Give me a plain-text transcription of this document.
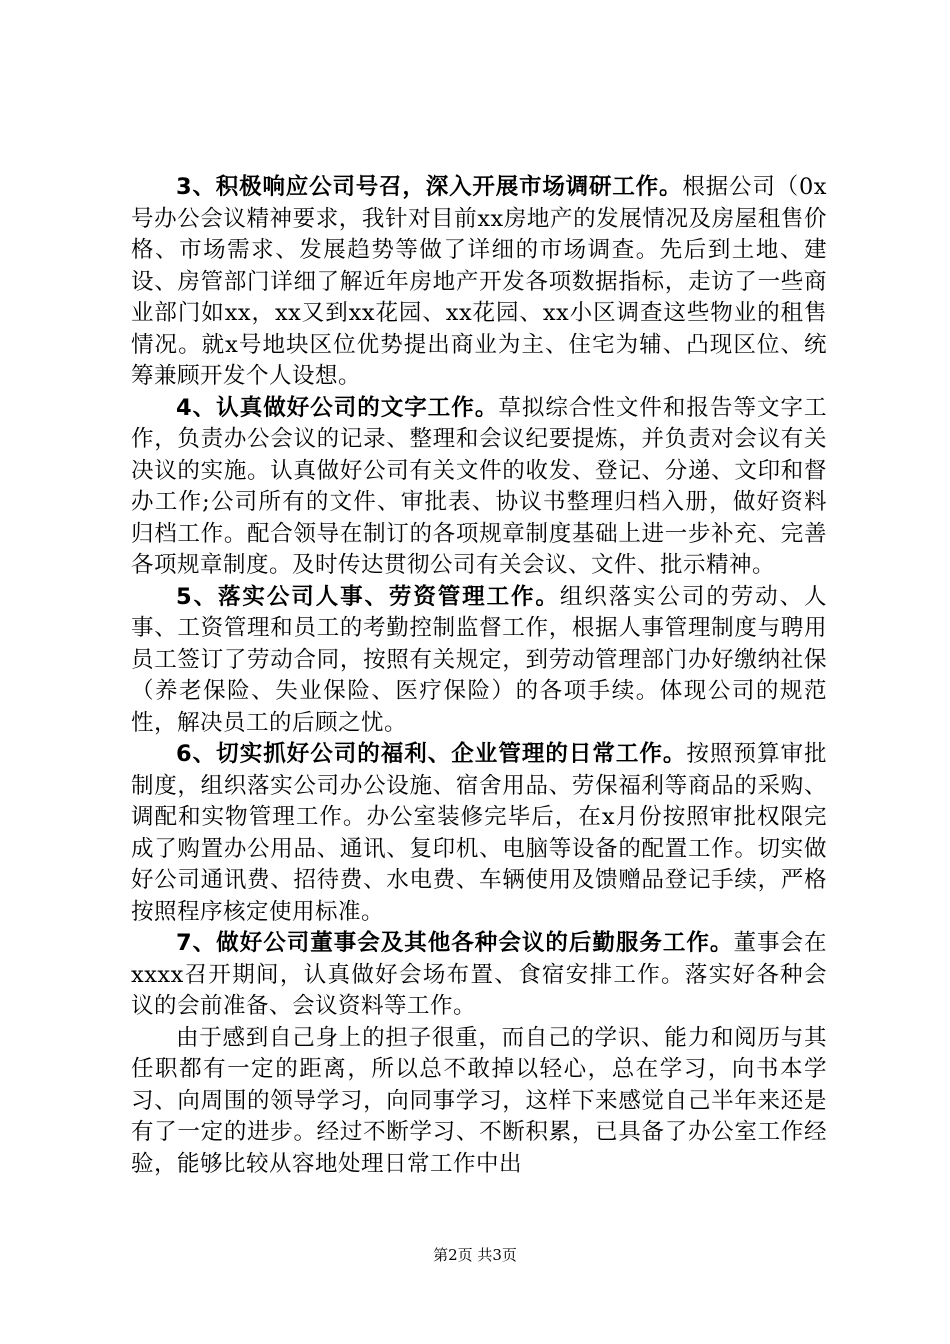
3、积极响应公司号召，深入开展市场调研工作。根据公司（0x号办公会议精神要求，我针对目前xx房地产的发展情况及房屋租售价格、市场需求、发展趋势等做了详细的市场调查。先后到土地、建设、房管部门详细了解近年房地产开发各项数据指标，走访了一些商业部门如xx，xx又到xx花园、xx花园、xx小区调查这些物业的租售情况。就x号地块区位优势提出商业为主、住宅为辅、凸现区位、统筹兼顾开发个人设想。

4、认真做好公司的文字工作。草拟综合性文件和报告等文字工作，负责办公会议的记录、整理和会议纪要提炼，并负责对会议有关决议的实施。认真做好公司有关文件的收发、登记、分递、文印和督办工作;公司所有的文件、审批表、协议书整理归档入册，做好资料归档工作。配合领导在制订的各项规章制度基础上进一步补充、完善各项规章制度。及时传达贯彻公司有关会议、文件、批示精神。

5、落实公司人事、劳资管理工作。组织落实公司的劳动、人事、工资管理和员工的考勤控制监督工作，根据人事管理制度与聘用员工签订了劳动合同，按照有关规定，到劳动管理部门办好缴纳社保（养老保险、失业保险、医疗保险）的各项手续。体现公司的规范性，解决员工的后顾之忧。

6、切实抓好公司的福利、企业管理的日常工作。按照预算审批制度，组织落实公司办公设施、宿舍用品、劳保福利等商品的采购、调配和实物管理工作。办公室装修完毕后，在x月份按照审批权限完成了购置办公用品、通讯、复印机、电脑等设备的配置工作。切实做好公司通讯费、招待费、水电费、车辆使用及馈赠品登记手续，严格按照程序核定使用标准。

7、做好公司董事会及其他各种会议的后勤服务工作。董事会在xxxx召开期间，认真做好会场布置、食宿安排工作。落实好各种会议的会前准备、会议资料等工作。

由于感到自己身上的担子很重，而自己的学识、能力和阅历与其任职都有一定的距离，所以总不敢掉以轻心，总在学习，向书本学习、向周围的领导学习，向同事学习，这样下来感觉自己半年来还是有了一定的进步。经过不断学习、不断积累，已具备了办公室工作经验，能够比较从容地处理日常工作中出

第2页 共3页
